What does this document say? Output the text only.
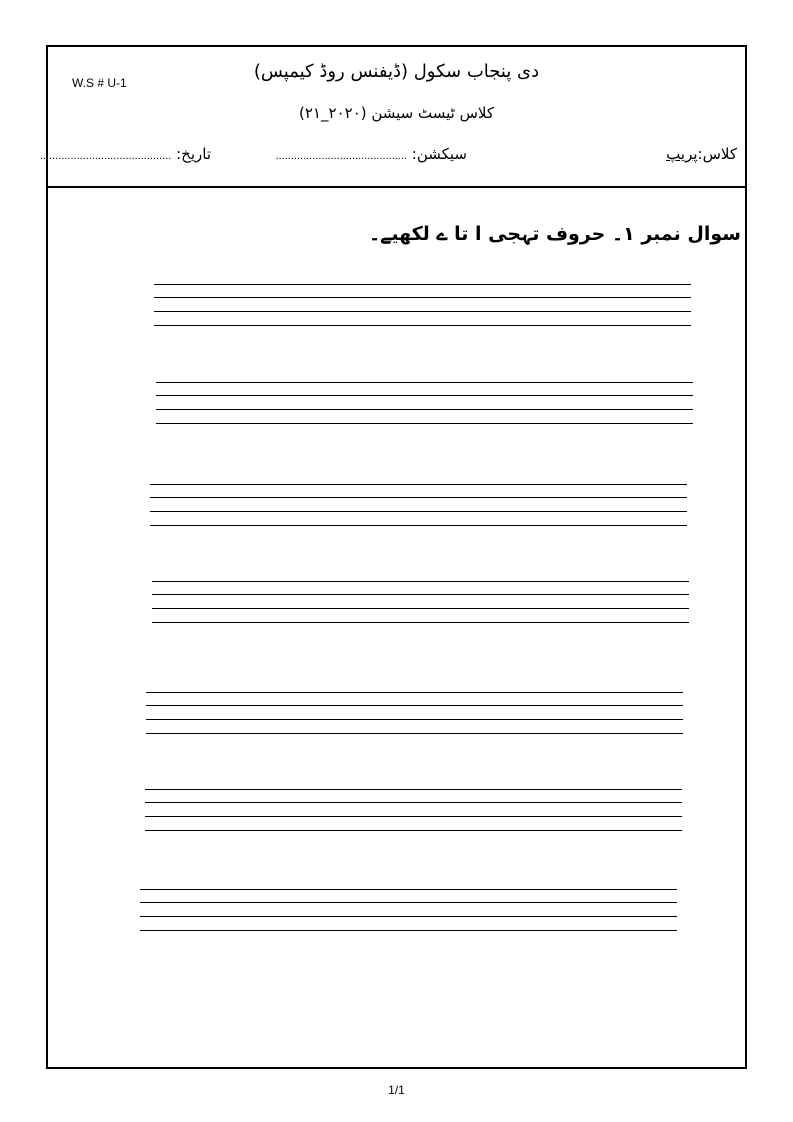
W.S # U-1
دی پنجاب سکول (ڈیفنس روڈ کیمپس)
کلاس ٹیسٹ سیشن (۲۰۲۰_۲۱)
کلاس:پریپ
سیکشن: ...........................................
تاریخ: ...........................................
سوال نمبر ۱۔ حروف تہجی ا تا ے لکھیے۔
1/1
